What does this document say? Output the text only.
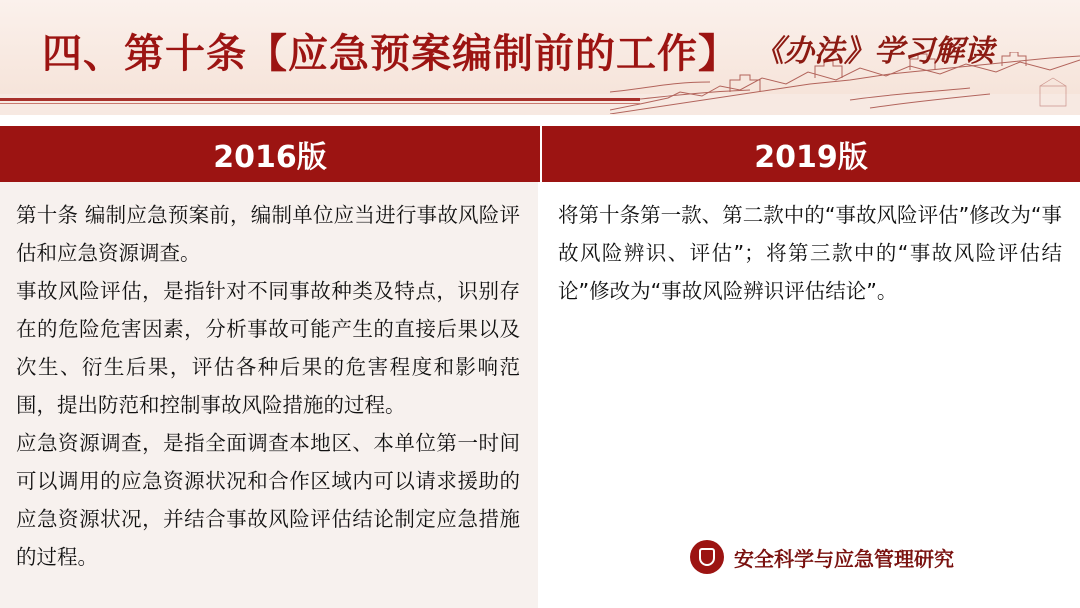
四、第十条【应急预案编制前的工作】 《办法》学习解读
2016版	2019版

第十条 编制应急预案前，编制单位应当进行事故风险评估和应急资源调查。

事故风险评估，是指针对不同事故种类及特点，识别存在的危险危害因素，分析事故可能产生的直接后果以及次生、衍生后果，评估各种后果的危害程度和影响范围，提出防范和控制事故风险措施的过程。

应急资源调查，是指全面调查本地区、本单位第一时间可以调用的应急资源状况和合作区域内可以请求援助的应急资源状况，并结合事故风险评估结论制定应急措施的过程。

将第十条第一款、第二款中的“事故风险评估”修改为“事故风险辨识、评估”；将第三款中的“事故风险评估结论”修改为“事故风险辨识评估结论”。

安全科学与应急管理研究
